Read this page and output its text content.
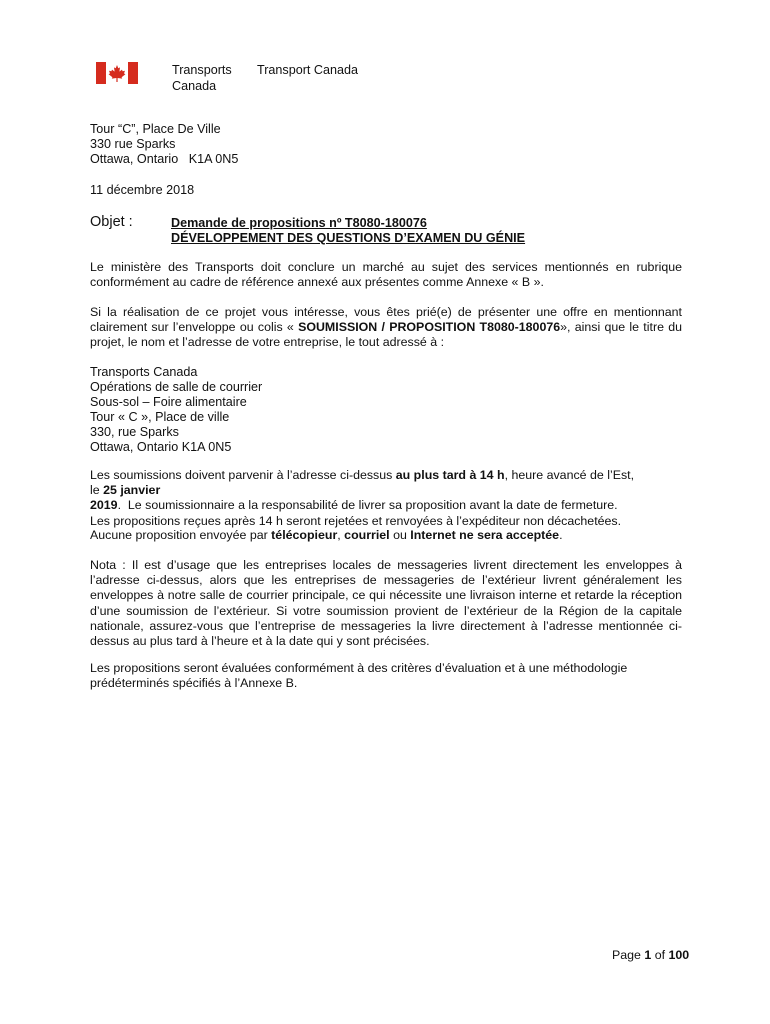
Transports
Canada
Transport Canada
Tour “C”, Place De Ville
330 rue Sparks
Ottawa, Ontario   K1A 0N5
11 décembre 2018
Objet :	Demande de propositions nº T8080-180076
DÉVELOPPEMENT DES QUESTIONS D’EXAMEN DU GÉNIE
Le ministère des Transports doit conclure un marché au sujet des services mentionnés en rubrique conformément au cadre de référence annexé aux présentes comme Annexe « B ».
Si la réalisation de ce projet vous intéresse, vous êtes prié(e) de présenter une offre en mentionnant clairement sur l’enveloppe ou colis « SOUMISSION / PROPOSITION T8080-180076», ainsi que le titre du projet, le nom et l’adresse de votre entreprise, le tout adressé à :
Transports Canada
Opérations de salle de courrier
Sous-sol – Foire alimentaire
Tour « C », Place de ville
330, rue Sparks
Ottawa, Ontario K1A 0N5
Les soumissions doivent parvenir à l’adresse ci-dessus au plus tard à 14 h, heure avancé de l’Est,
le 25 janvier 2019.  Le soumissionnaire a la responsabilité de livrer sa proposition avant la date de fermeture.
Les propositions reçues après 14 h seront rejetées et renvoyées à l’expéditeur non décachetées.
Aucune proposition envoyée par télécopieur, courriel ou Internet ne sera acceptée.
Nota : Il est d’usage que les entreprises locales de messageries livrent directement les enveloppes à l’adresse ci-dessus, alors que les entreprises de messageries de l’extérieur livrent généralement les enveloppes à notre salle de courrier principale, ce qui nécessite une livraison interne et retarde la réception d’une soumission de l’extérieur. Si votre soumission provient de l’extérieur de la Région de la capitale nationale, assurez-vous que l’entreprise de messageries la livre directement à l’adresse mentionnée ci-dessus au plus tard à l’heure et à la date qui y sont précisées.
Les propositions seront évaluées conformément à des critères d’évaluation et à une méthodologie prédéterminés spécifiés à l’Annexe B.
Page 1 of 100
